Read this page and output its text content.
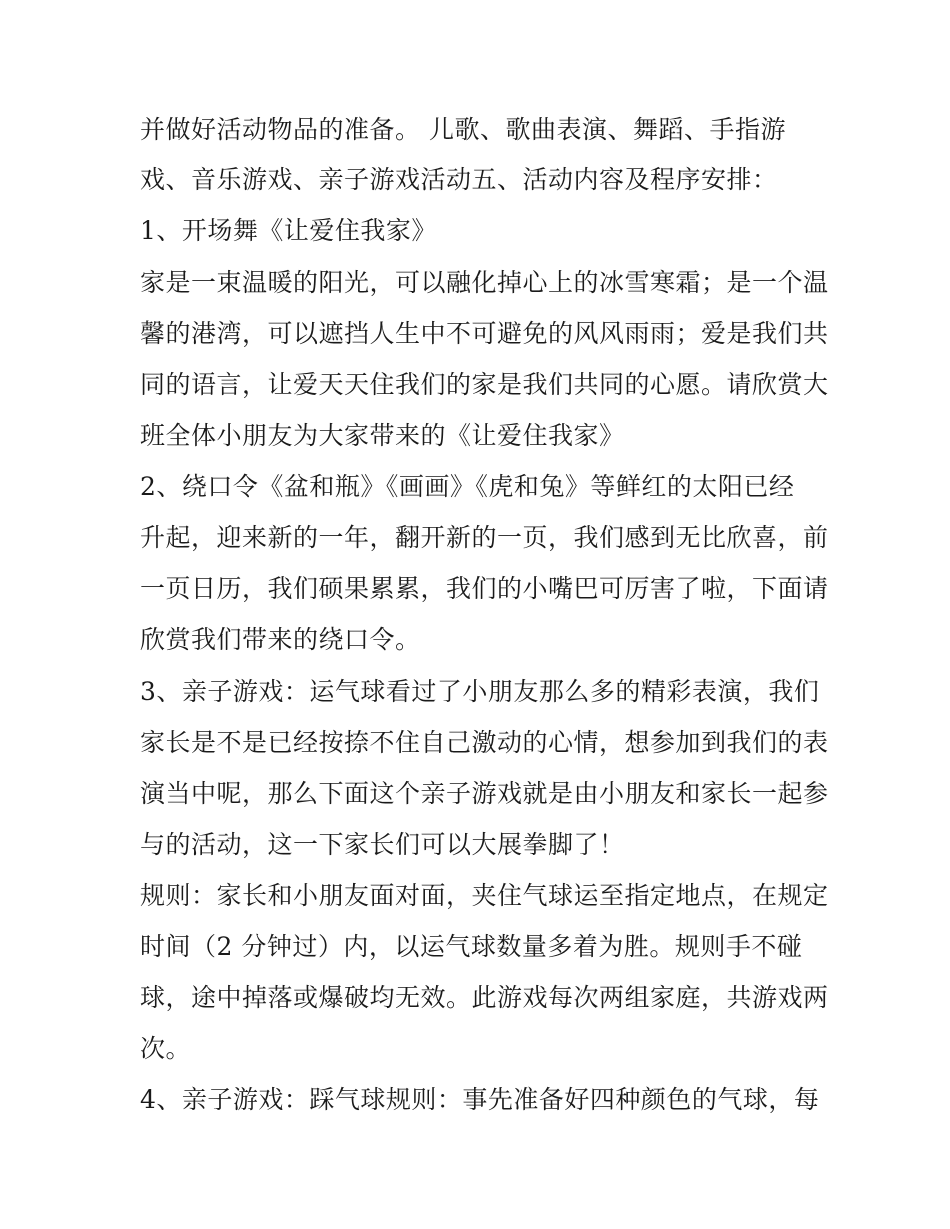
并做好活动物品的准备。 儿歌、歌曲表演、舞蹈、手指游
戏、音乐游戏、亲子游戏活动五、活动内容及程序安排：
1、开场舞《让爱住我家》
家是一束温暖的阳光，可以融化掉心上的冰雪寒霜；是一个温
馨的港湾，可以遮挡人生中不可避免的风风雨雨；爱是我们共
同的语言，让爱天天住我们的家是我们共同的心愿。请欣赏大
班全体小朋友为大家带来的《让爱住我家》
2、绕口令《盆和瓶》《画画》《虎和兔》等鲜红的太阳已经
升起，迎来新的一年，翻开新的一页，我们感到无比欣喜，前
一页日历，我们硕果累累，我们的小嘴巴可厉害了啦，下面请
欣赏我们带来的绕口令。
3、亲子游戏：运气球看过了小朋友那么多的精彩表演，我们
家长是不是已经按捺不住自己激动的心情，想参加到我们的表
演当中呢，那么下面这个亲子游戏就是由小朋友和家长一起参
与的活动，这一下家长们可以大展拳脚了！
规则：家长和小朋友面对面，夹住气球运至指定地点，在规定
时间（2 分钟过）内，以运气球数量多着为胜。规则手不碰
球，途中掉落或爆破均无效。此游戏每次两组家庭，共游戏两
次。
4、亲子游戏：踩气球规则：事先准备好四种颜色的气球，每
